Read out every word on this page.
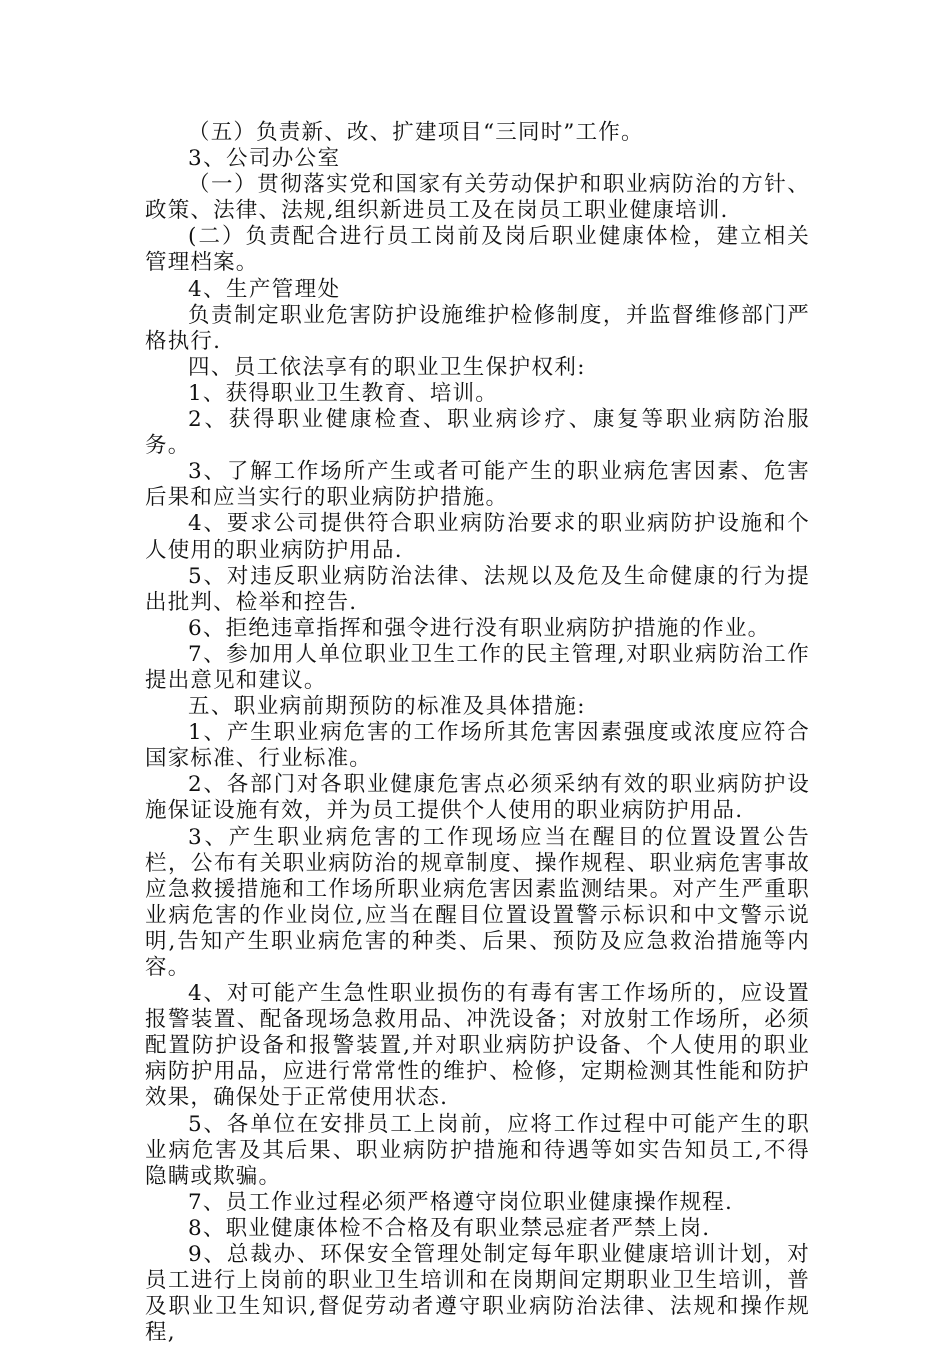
（五）负责新、改、扩建项目“三同时”工作。

3、公司办公室

（一）贯彻落实党和国家有关劳动保护和职业病防治的方针、政策、法律、法规,组织新进员工及在岗员工职业健康培训.

(二）负责配合进行员工岗前及岗后职业健康体检，建立相关管理档案。

4、生产管理处

负责制定职业危害防护设施维护检修制度，并监督维修部门严格执行.

四、员工依法享有的职业卫生保护权利:

1、获得职业卫生教育、培训。

2、获得职业健康检查、职业病诊疗、康复等职业病防治服务。

3、了解工作场所产生或者可能产生的职业病危害因素、危害后果和应当实行的职业病防护措施。

4、要求公司提供符合职业病防治要求的职业病防护设施和个人使用的职业病防护用品.

5、对违反职业病防治法律、法规以及危及生命健康的行为提出批判、检举和控告.

6、拒绝违章指挥和强令进行没有职业病防护措施的作业。

7、参加用人单位职业卫生工作的民主管理,对职业病防治工作提出意见和建议。

五、职业病前期预防的标准及具体措施:

1、产生职业病危害的工作场所其危害因素强度或浓度应符合国家标准、行业标准。

2、各部门对各职业健康危害点必须采纳有效的职业病防护设施保证设施有效，并为员工提供个人使用的职业病防护用品.

3、产生职业病危害的工作现场应当在醒目的位置设置公告栏，公布有关职业病防治的规章制度、操作规程、职业病危害事故应急救援措施和工作场所职业病危害因素监测结果。对产生严重职业病危害的作业岗位,应当在醒目位置设置警示标识和中文警示说明,告知产生职业病危害的种类、后果、预防及应急救治措施等内容。

4、对可能产生急性职业损伤的有毒有害工作场所的，应设置报警装置、配备现场急救用品、冲洗设备；对放射工作场所，必须配置防护设备和报警装置,并对职业病防护设备、个人使用的职业病防护用品，应进行常常性的维护、检修，定期检测其性能和防护效果，确保处于正常使用状态.

5、各单位在安排员工上岗前，应将工作过程中可能产生的职业病危害及其后果、职业病防护措施和待遇等如实告知员工,不得隐瞒或欺骗。

7、员工作业过程必须严格遵守岗位职业健康操作规程.

8、职业健康体检不合格及有职业禁忌症者严禁上岗.

9、总裁办、环保安全管理处制定每年职业健康培训计划，对员工进行上岗前的职业卫生培训和在岗期间定期职业卫生培训，普及职业卫生知识,督促劳动者遵守职业病防治法律、法规和操作规程,
